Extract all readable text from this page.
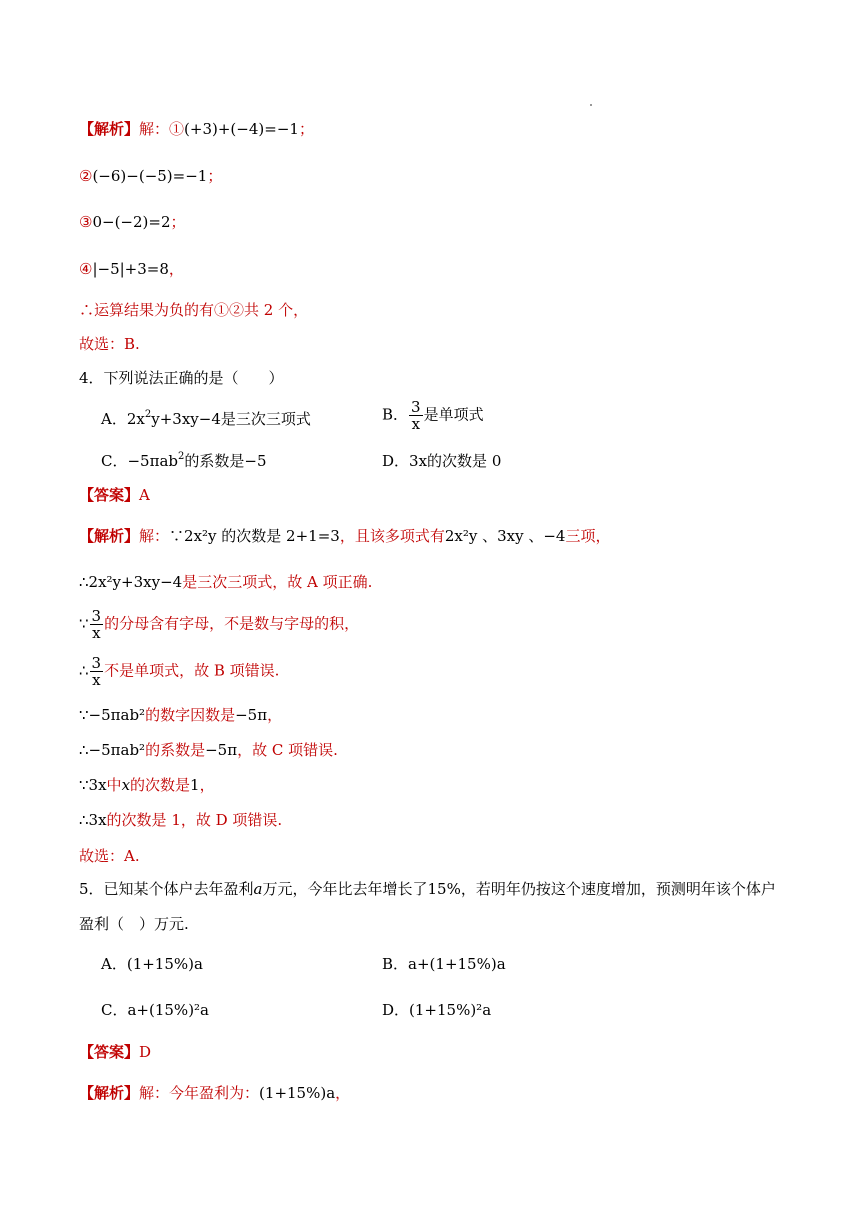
【解析】解：①(+3)+(−4)=−1；
②(−6)−(−5)=−1；
③0−(−2)=2；
④|−5|+3=8，
∴运算结果为负的有①②共 2 个，
故选：B.
4．下列说法正确的是（　　）
A．$2x^2y+3xy-4$是三次三项式	B． $\frac{3}{x}$ 是单项式
C．−5πab$^2$的系数是−5	D．3x的次数是 0
【答案】A
【解析】解：∵2x²y 的次数是 2+1=3，且该多项式有2x²y 、3xy 、−4三项，
∴2x²y+3xy−4是三次三项式，故 A 项正确.
∵ $\frac{3}{x}$ 的分母含有字母，不是数与字母的积，
∴ $\frac{3}{x}$ 不是单项式，故 B 项错误.
∵−5πab²的数字因数是−5π，
∴−5πab²的系数是−5π，故 C 项错误.
∵3x中x的次数是1，
∴3x的次数是 1，故 D 项错误.
故选：A.
5．已知某个体户去年盈利a万元，今年比去年增长了15%，若明年仍按这个速度增加，预测明年该个体户
盈利（　）万元.
A．(1+15%)a	B．a+(1+15%)a
C．a+(15%)²a	D．(1+15%)²a
【答案】D
【解析】解：今年盈利为：(1+15%)a，
